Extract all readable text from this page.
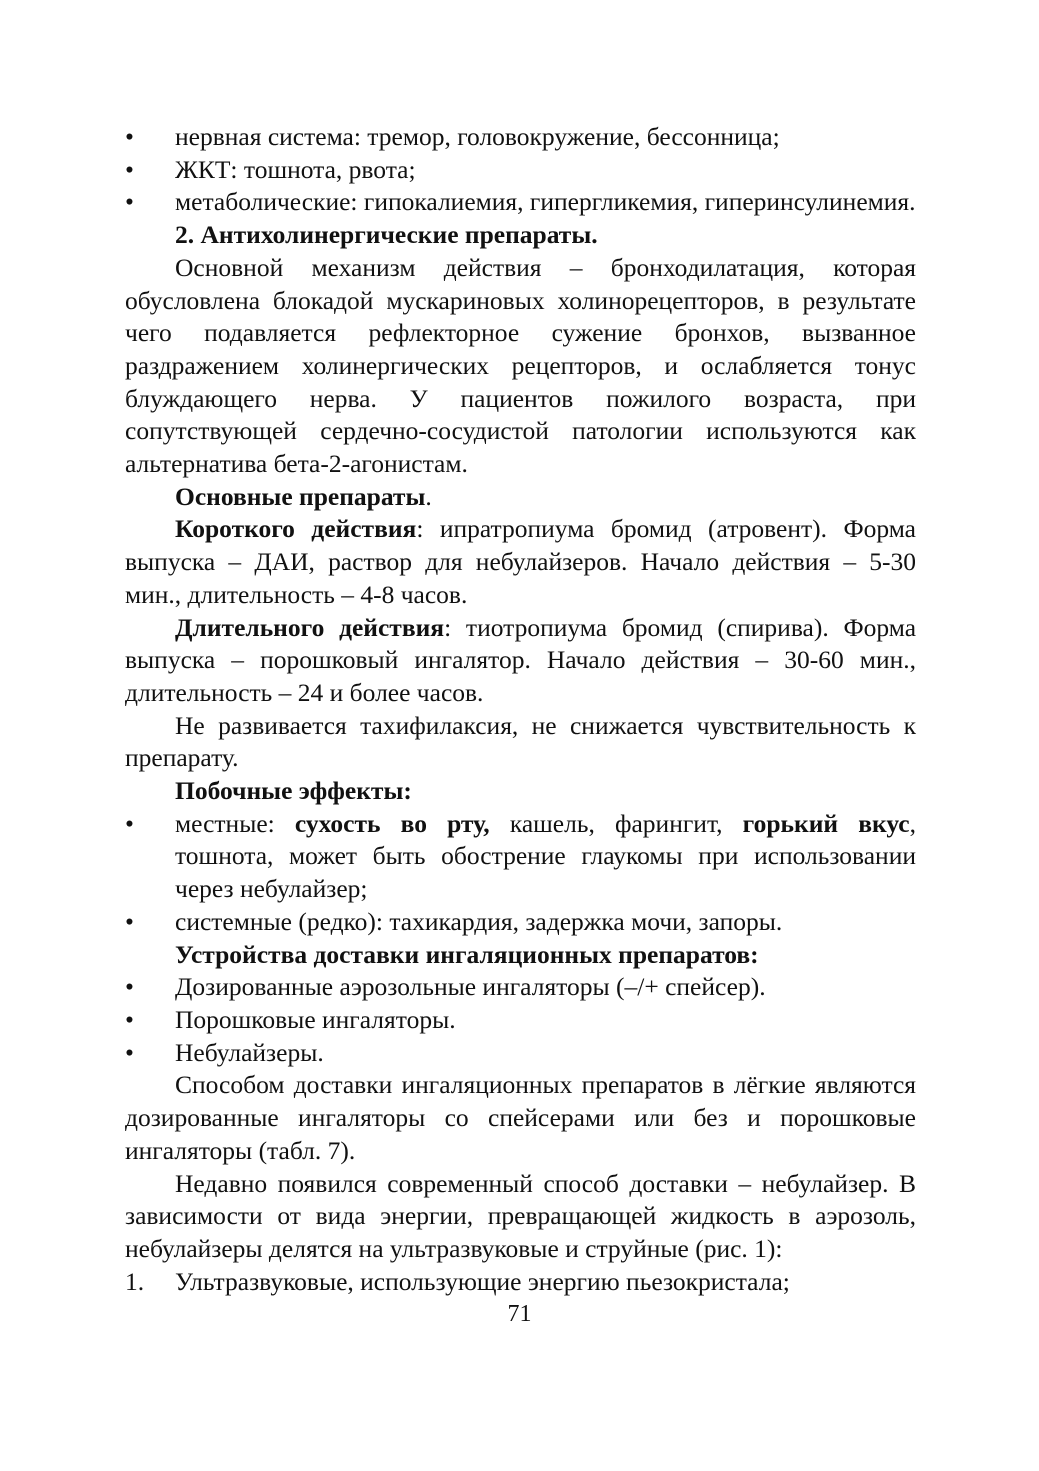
• нервная система: тремор, головокружение, бессонница;
• ЖКТ: тошнота, рвота;
• метаболические: гипокалиемия, гипергликемия, гиперинсулинемия.

2. Антихолинергические препараты.

Основной механизм действия – бронходилатация, которая обусловлена блокадой мускариновых холинорецепторов, в результате чего подавляется рефлекторное сужение бронхов, вызванное раздражением холинергических рецепторов, и ослабляется тонус блуждающего нерва. У пациентов пожилого возраста, при сопутствующей сердечно-сосудистой патологии используются как альтернатива бета-2-агонистам.

Основные препараты.

Короткого действия: ипратропиума бромид (атровент). Форма выпуска – ДАИ, раствор для небулайзеров. Начало действия – 5-30 мин., длительность – 4-8 часов.

Длительного действия: тиотропиума бромид (спирива). Форма выпуска – порошковый ингалятор. Начало действия – 30-60 мин., длительность – 24 и более часов.

Не развивается тахифилаксия, не снижается чувствительность к препарату.

Побочные эффекты:

• местные: сухость во рту, кашель, фарингит, горький вкус, тошнота, может быть обострение глаукомы при использовании через небулайзер;
• системные (редко): тахикардия, задержка мочи, запоры.

Устройства доставки ингаляционных препаратов:

• Дозированные аэрозольные ингаляторы (–/+ спейсер).
• Порошковые ингаляторы.
• Небулайзеры.

Способом доставки ингаляционных препаратов в лёгкие являются дозированные ингаляторы со спейсерами или без и порошковые ингаляторы (табл. 7).

Недавно появился современный способ доставки – небулайзер. В зависимости от вида энергии, превращающей жидкость в аэрозоль, небулайзеры делятся на ультразвуковые и струйные (рис. 1):

1. Ультразвуковые, использующие энергию пьезокристала;
71
